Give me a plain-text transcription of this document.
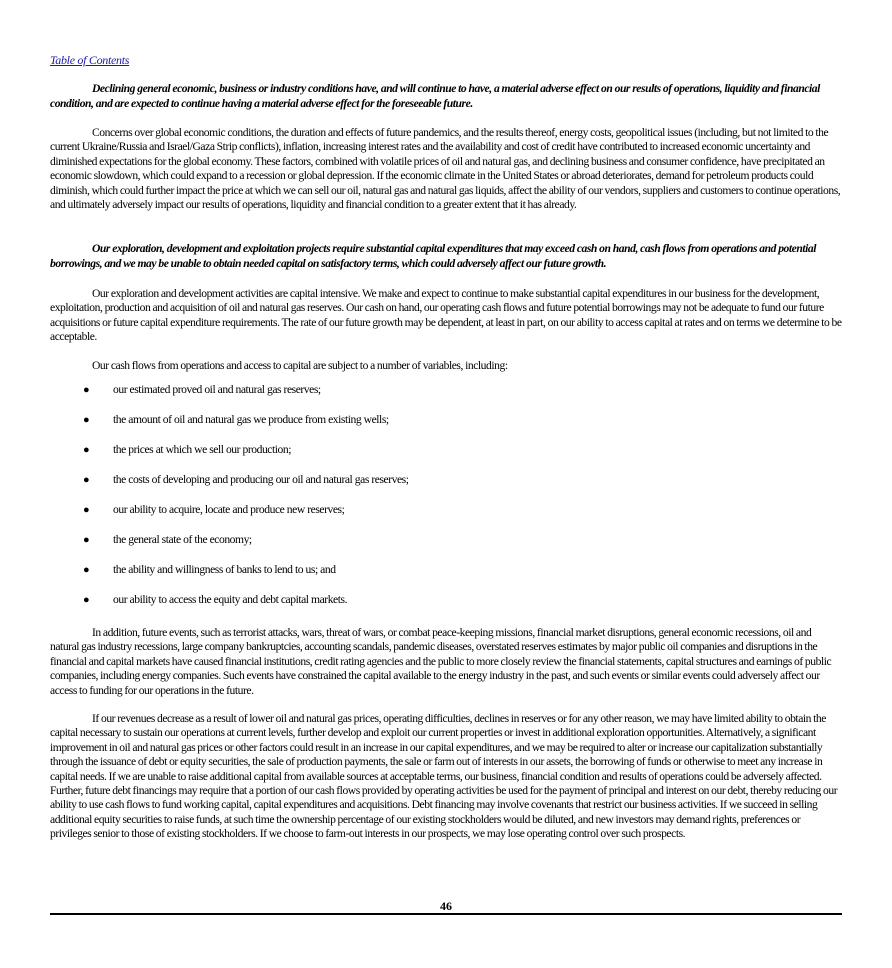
Table of Contents

Declining general economic, business or industry conditions have, and will continue to have, a material adverse effect on our results of operations, liquidity and financial condition, and are expected to continue having a material adverse effect for the foreseeable future.

Concerns over global economic conditions, the duration and effects of future pandemics, and the results thereof, energy costs, geopolitical issues (including, but not limited to the current Ukraine/Russia and Israel/Gaza Strip conflicts), inflation, increasing interest rates and the availability and cost of credit have contributed to increased economic uncertainty and diminished expectations for the global economy. These factors, combined with volatile prices of oil and natural gas, and declining business and consumer confidence, have precipitated an economic slowdown, which could expand to a recession or global depression. If the economic climate in the United States or abroad deteriorates, demand for petroleum products could diminish, which could further impact the price at which we can sell our oil, natural gas and natural gas liquids, affect the ability of our vendors, suppliers and customers to continue operations, and ultimately adversely impact our results of operations, liquidity and financial condition to a greater extent that it has already.

Our exploration, development and exploitation projects require substantial capital expenditures that may exceed cash on hand, cash flows from operations and potential borrowings, and we may be unable to obtain needed capital on satisfactory terms, which could adversely affect our future growth.

Our exploration and development activities are capital intensive. We make and expect to continue to make substantial capital expenditures in our business for the development, exploitation, production and acquisition of oil and natural gas reserves. Our cash on hand, our operating cash flows and future potential borrowings may not be adequate to fund our future acquisitions or future capital expenditure requirements. The rate of our future growth may be dependent, at least in part, on our ability to access capital at rates and on terms we determine to be acceptable.

Our cash flows from operations and access to capital are subject to a number of variables, including:

● our estimated proved oil and natural gas reserves;
● the amount of oil and natural gas we produce from existing wells;
● the prices at which we sell our production;
● the costs of developing and producing our oil and natural gas reserves;
● our ability to acquire, locate and produce new reserves;
● the general state of the economy;
● the ability and willingness of banks to lend to us; and
● our ability to access the equity and debt capital markets.

In addition, future events, such as terrorist attacks, wars, threat of wars, or combat peace-keeping missions, financial market disruptions, general economic recessions, oil and natural gas industry recessions, large company bankruptcies, accounting scandals, pandemic diseases, overstated reserves estimates by major public oil companies and disruptions in the financial and capital markets have caused financial institutions, credit rating agencies and the public to more closely review the financial statements, capital structures and earnings of public companies, including energy companies. Such events have constrained the capital available to the energy industry in the past, and such events or similar events could adversely affect our access to funding for our operations in the future.

If our revenues decrease as a result of lower oil and natural gas prices, operating difficulties, declines in reserves or for any other reason, we may have limited ability to obtain the capital necessary to sustain our operations at current levels, further develop and exploit our current properties or invest in additional exploration opportunities. Alternatively, a significant improvement in oil and natural gas prices or other factors could result in an increase in our capital expenditures, and we may be required to alter or increase our capitalization substantially through the issuance of debt or equity securities, the sale of production payments, the sale or farm out of interests in our assets, the borrowing of funds or otherwise to meet any increase in capital needs. If we are unable to raise additional capital from available sources at acceptable terms, our business, financial condition and results of operations could be adversely affected. Further, future debt financings may require that a portion of our cash flows provided by operating activities be used for the payment of principal and interest on our debt, thereby reducing our ability to use cash flows to fund working capital, capital expenditures and acquisitions. Debt financing may involve covenants that restrict our business activities. If we succeed in selling additional equity securities to raise funds, at such time the ownership percentage of our existing stockholders would be diluted, and new investors may demand rights, preferences or privileges senior to those of existing stockholders. If we choose to farm-out interests in our prospects, we may lose operating control over such prospects.

46
